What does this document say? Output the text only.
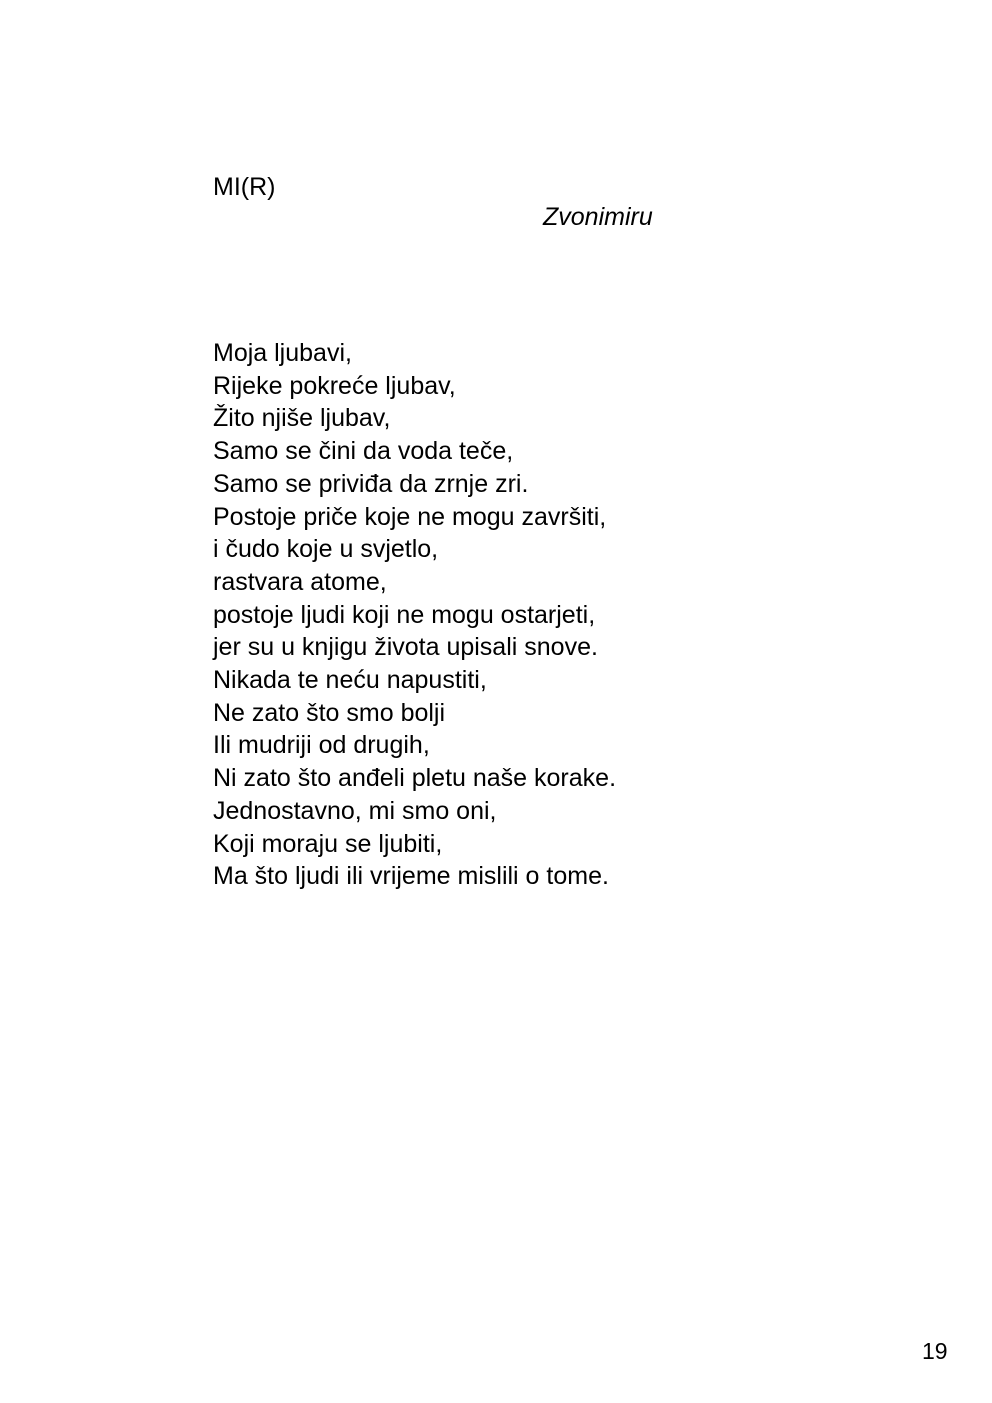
MI(R)
Zvonimiru
Moja ljubavi,
Rijeke pokreće ljubav,
Žito njiše ljubav,
Samo se čini da voda teče,
Samo se priviđa da zrnje zri.
Postoje priče koje ne mogu završiti,
i čudo koje u svjetlo,
rastvara atome,
postoje ljudi koji ne mogu ostarjeti,
jer su u knjigu života upisali snove.
Nikada te neću napustiti,
Ne zato što smo bolji
Ili mudriji od drugih,
Ni zato što anđeli pletu naše korake.
Jednostavno, mi smo oni,
Koji moraju se ljubiti,
Ma što ljudi ili vrijeme mislili o tome.
19
